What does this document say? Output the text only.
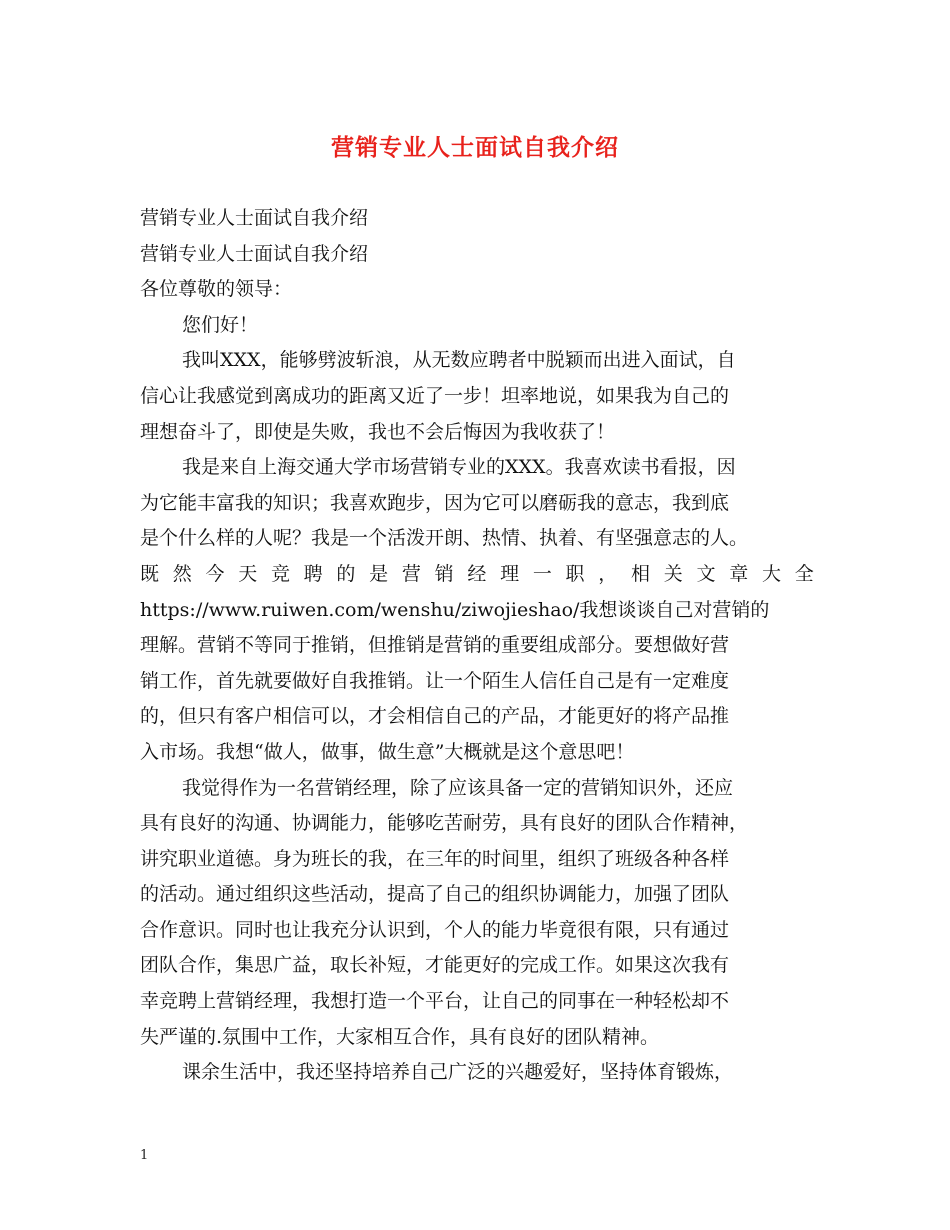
营销专业人士面试自我介绍
营销专业人士面试自我介绍
营销专业人士面试自我介绍
各位尊敬的领导：
您们好！
我叫XXX，能够劈波斩浪，从无数应聘者中脱颖而出进入面试，自
信心让我感觉到离成功的距离又近了一步！坦率地说，如果我为自己的
理想奋斗了，即使是失败，我也不会后悔因为我收获了！
我是来自上海交通大学市场营销专业的XXX。我喜欢读书看报，因
为它能丰富我的知识；我喜欢跑步，因为它可以磨砺我的意志，我到底
是个什么样的人呢？我是一个活泼开朗、热情、执着、有坚强意志的人。
既 然 今 天 竞 聘 的 是 营 销 经 理 一 职 ， 相 关 文 章 大 全
https://www.ruiwen.com/wenshu/ziwojieshao/我想谈谈自己对营销的
理解。营销不等同于推销，但推销是营销的重要组成部分。要想做好营
销工作，首先就要做好自我推销。让一个陌生人信任自己是有一定难度
的，但只有客户相信可以，才会相信自己的产品，才能更好的将产品推
入市场。我想“做人，做事，做生意”大概就是这个意思吧！
我觉得作为一名营销经理，除了应该具备一定的营销知识外，还应
具有良好的沟通、协调能力，能够吃苦耐劳，具有良好的团队合作精神，
讲究职业道德。身为班长的我，在三年的时间里，组织了班级各种各样
的活动。通过组织这些活动，提高了自己的组织协调能力，加强了团队
合作意识。同时也让我充分认识到，个人的能力毕竟很有限，只有通过
团队合作，集思广益，取长补短，才能更好的完成工作。如果这次我有
幸竞聘上营销经理，我想打造一个平台，让自己的同事在一种轻松却不
失严谨的.氛围中工作，大家相互合作，具有良好的团队精神。
课余生活中，我还坚持培养自己广泛的兴趣爱好，坚持体育锻炼，
1
